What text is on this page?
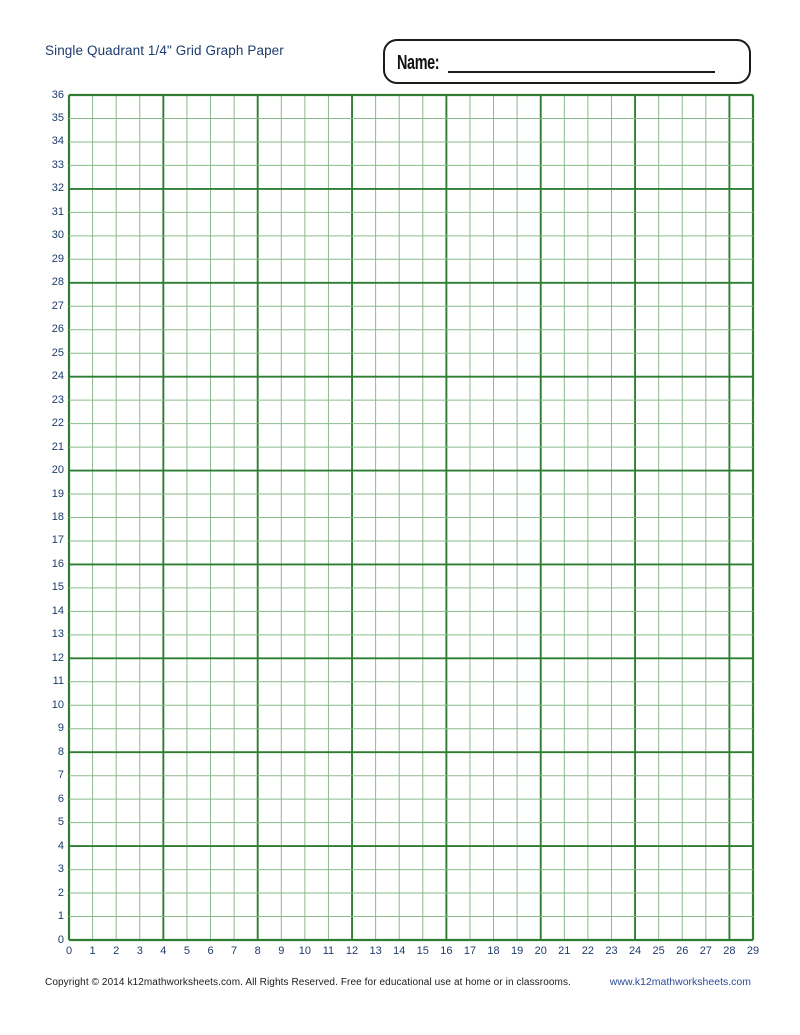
Single Quadrant 1/4" Grid Graph Paper
Name:
36
35
34
33
32
31
30
29
28
27
26
25
24
23
22
21
20
19
18
17
16
15
14
13
12
11
10
9
8
7
6
5
4
3
2
1
0
0	1	2	3	4	5	6	7	8	9	10	11	12	13	14	15	16	17	18	19	20	21	22	23	24	25	26	27	28	29
Copyright © 2014 k12mathworksheets.com. All Rights Reserved. Free for educational use at home or in classrooms.	www.k12mathworksheets.com
